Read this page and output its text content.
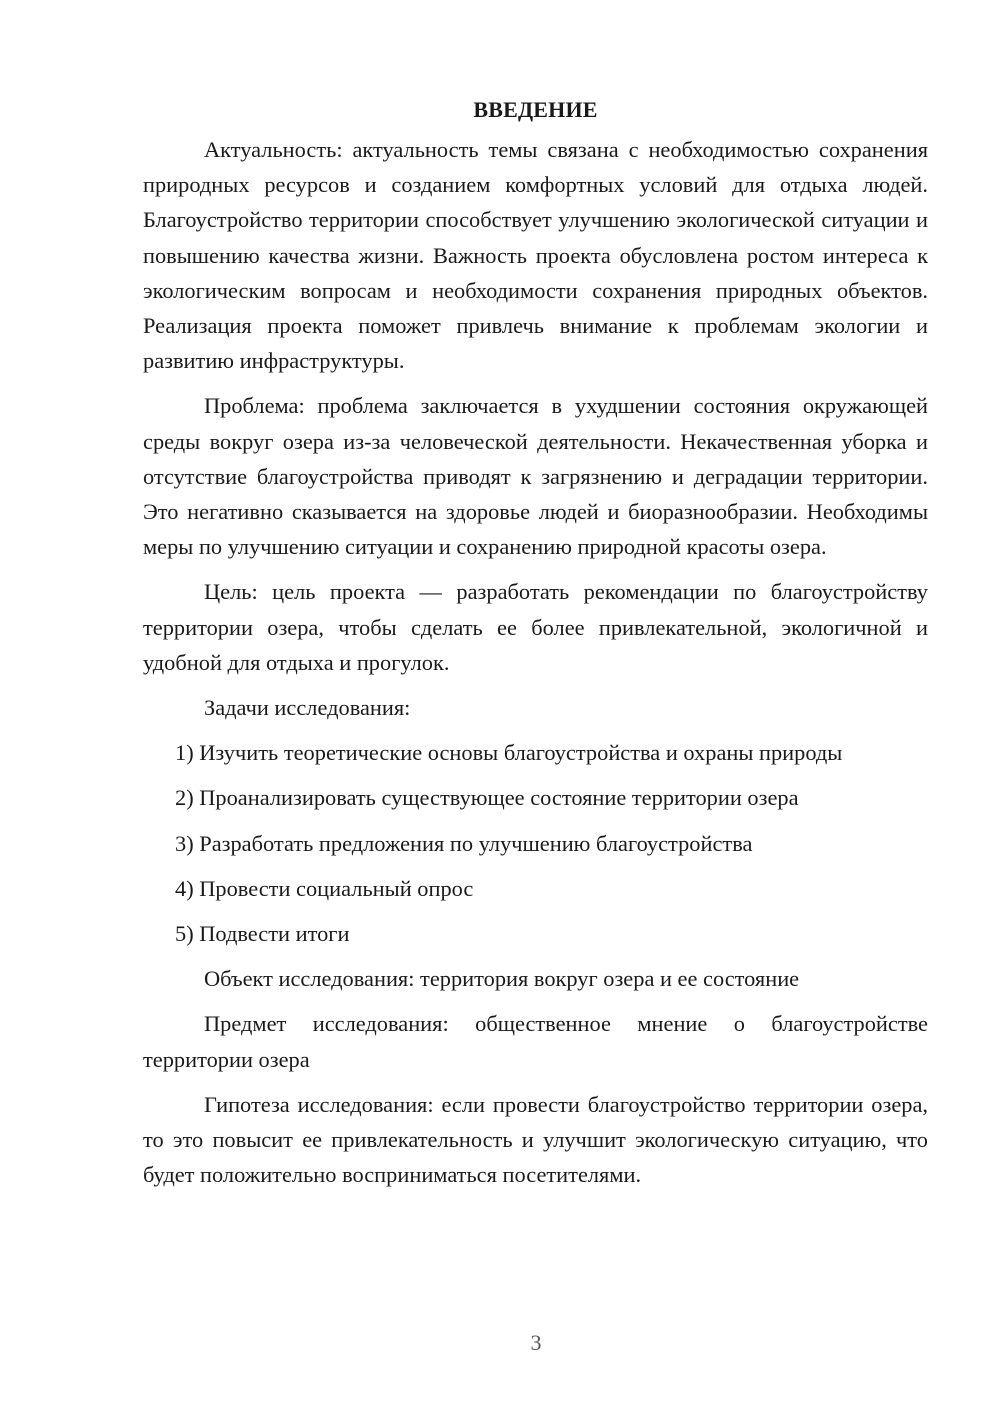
ВВЕДЕНИЕ

Актуальность: актуальность темы связана с необходимостью сохранения природных ресурсов и созданием комфортных условий для отдыха людей. Благоустройство территории способствует улучшению экологической ситуации и повышению качества жизни. Важность проекта обусловлена ростом интереса к экологическим вопросам и необходимости сохранения природных объектов. Реализация проекта поможет привлечь внимание к проблемам экологии и развитию инфраструктуры.

Проблема: проблема заключается в ухудшении состояния окружающей среды вокруг озера из-за человеческой деятельности. Некачественная уборка и отсутствие благоустройства приводят к загрязнению и деградации территории. Это негативно сказывается на здоровье людей и биоразнообразии. Необходимы меры по улучшению ситуации и сохранению природной красоты озера.

Цель: цель проекта — разработать рекомендации по благоустройству территории озера, чтобы сделать ее более привлекательной, экологичной и удобной для отдыха и прогулок.

Задачи исследования:

1) Изучить теоретические основы благоустройства и охраны природы

2) Проанализировать существующее состояние территории озера

3) Разработать предложения по улучшению благоустройства

4) Провести социальный опрос

5) Подвести итоги

Объект исследования: территория вокруг озера и ее состояние

Предмет исследования: общественное мнение о благоустройстве территории озера

Гипотеза исследования: если провести благоустройство территории озера, то это повысит ее привлекательность и улучшит экологическую ситуацию, что будет положительно восприниматься посетителями.

3
